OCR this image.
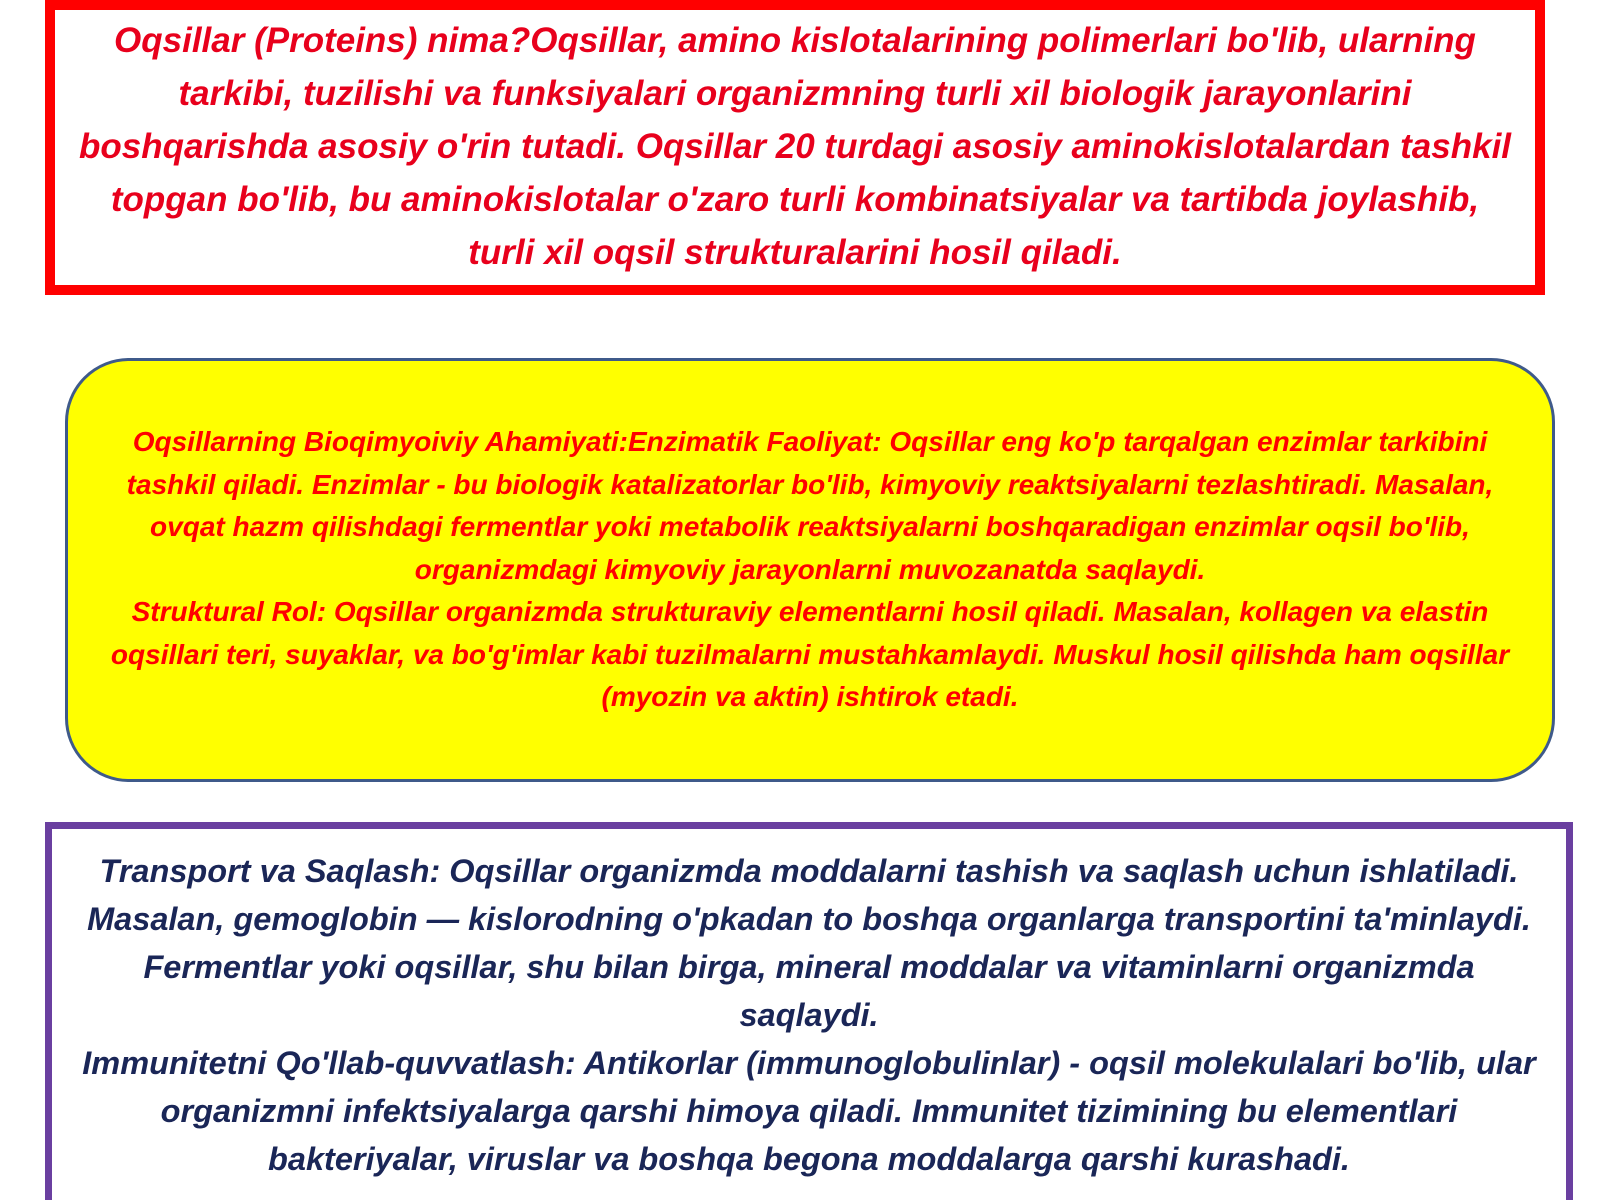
Oqsillar (Proteins) nima?Oqsillar, amino kislotalarining polimerlari bo'lib, ularning tarkibi, tuzilishi va funksiyalari organizmning turli xil biologik jarayonlarini boshqarishda asosiy o'rin tutadi. Oqsillar 20 turdagi asosiy aminokislotalardan tashkil topgan bo'lib, bu aminokislotalar o'zaro turli kombinatsiyalar va tartibda joylashib, turli xil oqsil strukturalarini hosil qiladi.

Oqsillarning Bioqimyoiviy Ahamiyati:Enzimatik Faoliyat: Oqsillar eng ko'p tarqalgan enzimlar tarkibini tashkil qiladi. Enzimlar - bu biologik katalizatorlar bo'lib, kimyoviy reaktsiyalarni tezlashtiradi. Masalan, ovqat hazm qilishdagi fermentlar yoki metabolik reaktsiyalarni boshqaradigan enzimlar oqsil bo'lib, organizmdagi kimyoviy jarayonlarni muvozanatda saqlaydi.

Struktural Rol: Oqsillar organizmda strukturaviy elementlarni hosil qiladi. Masalan, kollagen va elastin oqsillari teri, suyaklar, va bo'g'imlar kabi tuzilmalarni mustahkamlaydi. Muskul hosil qilishda ham oqsillar (myozin va aktin) ishtirok etadi.

Transport va Saqlash: Oqsillar organizmda moddalarni tashish va saqlash uchun ishlatiladi. Masalan, gemoglobin — kislorodning o'pkadan to boshqa organlarga transportini ta'minlaydi. Fermentlar yoki oqsillar, shu bilan birga, mineral moddalar va vitaminlarni organizmda saqlaydi.

Immunitetni Qo'llab-quvvatlash: Antikorlar (immunoglobulinlar) - oqsil molekulalari bo'lib, ular organizmni infektsiyalarga qarshi himoya qiladi. Immunitet tizimining bu elementlari bakteriyalar, viruslar va boshqa begona moddalarga qarshi kurashadi.
